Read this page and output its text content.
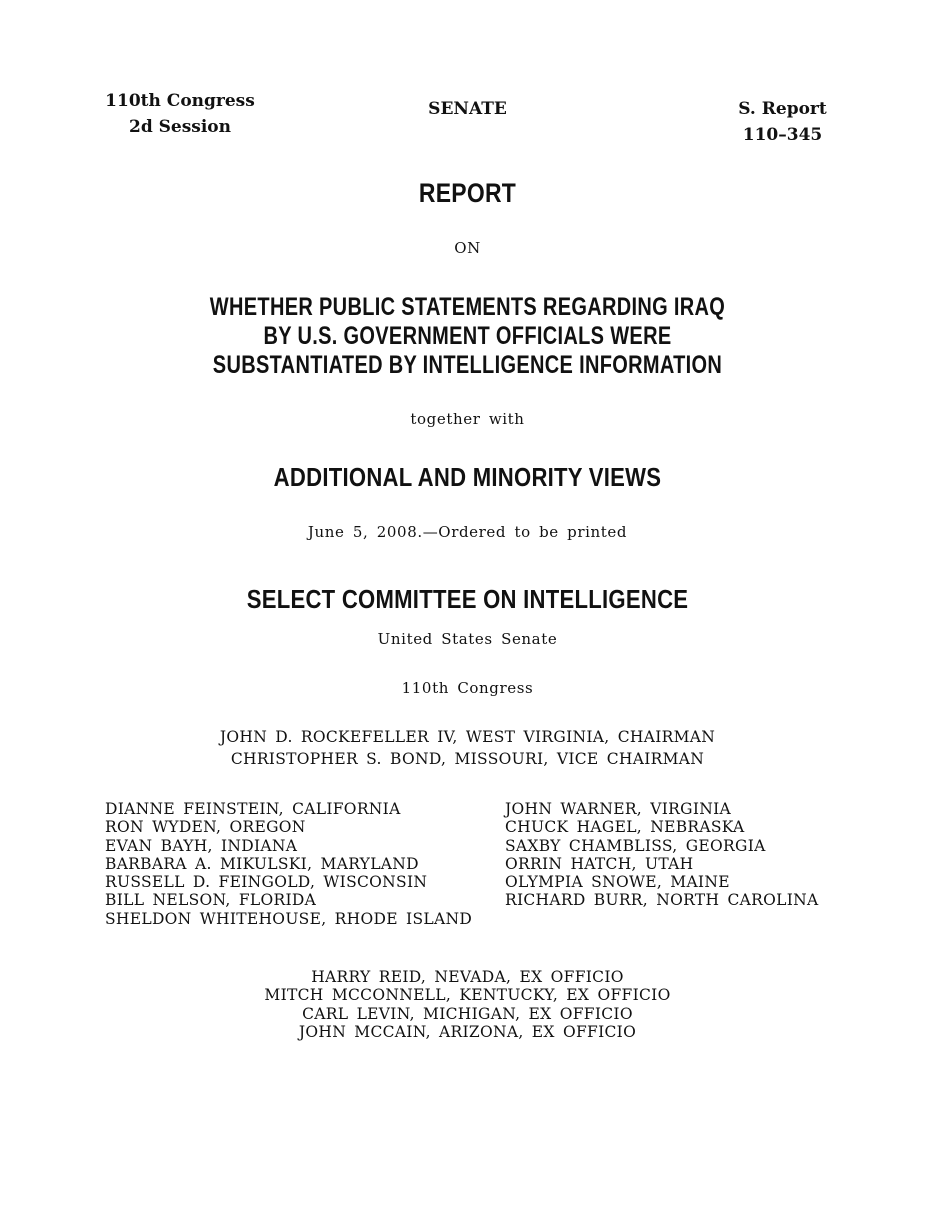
110th Congress
2d Session
SENATE	S. Report
110–345
REPORT
ON
WHETHER PUBLIC STATEMENTS REGARDING IRAQ
BY U.S. GOVERNMENT OFFICIALS WERE
SUBSTANTIATED BY INTELLIGENCE INFORMATION
together with
ADDITIONAL AND MINORITY VIEWS
June 5, 2008.—Ordered to be printed
SELECT COMMITTEE ON INTELLIGENCE
United States Senate
110th Congress
JOHN D. ROCKEFELLER IV, WEST VIRGINIA, CHAIRMAN
CHRISTOPHER S. BOND, MISSOURI, VICE CHAIRMAN
DIANNE FEINSTEIN, CALIFORNIA
RON WYDEN, OREGON
EVAN BAYH, INDIANA
BARBARA A. MIKULSKI, MARYLAND
RUSSELL D. FEINGOLD, WISCONSIN
BILL NELSON, FLORIDA
SHELDON WHITEHOUSE, RHODE ISLAND
JOHN WARNER, VIRGINIA
CHUCK HAGEL, NEBRASKA
SAXBY CHAMBLISS, GEORGIA
ORRIN HATCH, UTAH
OLYMPIA SNOWE, MAINE
RICHARD BURR, NORTH CAROLINA
HARRY REID, NEVADA, EX OFFICIO
MITCH MCCONNELL, KENTUCKY, EX OFFICIO
CARL LEVIN, MICHIGAN, EX OFFICIO
JOHN MCCAIN, ARIZONA, EX OFFICIO
